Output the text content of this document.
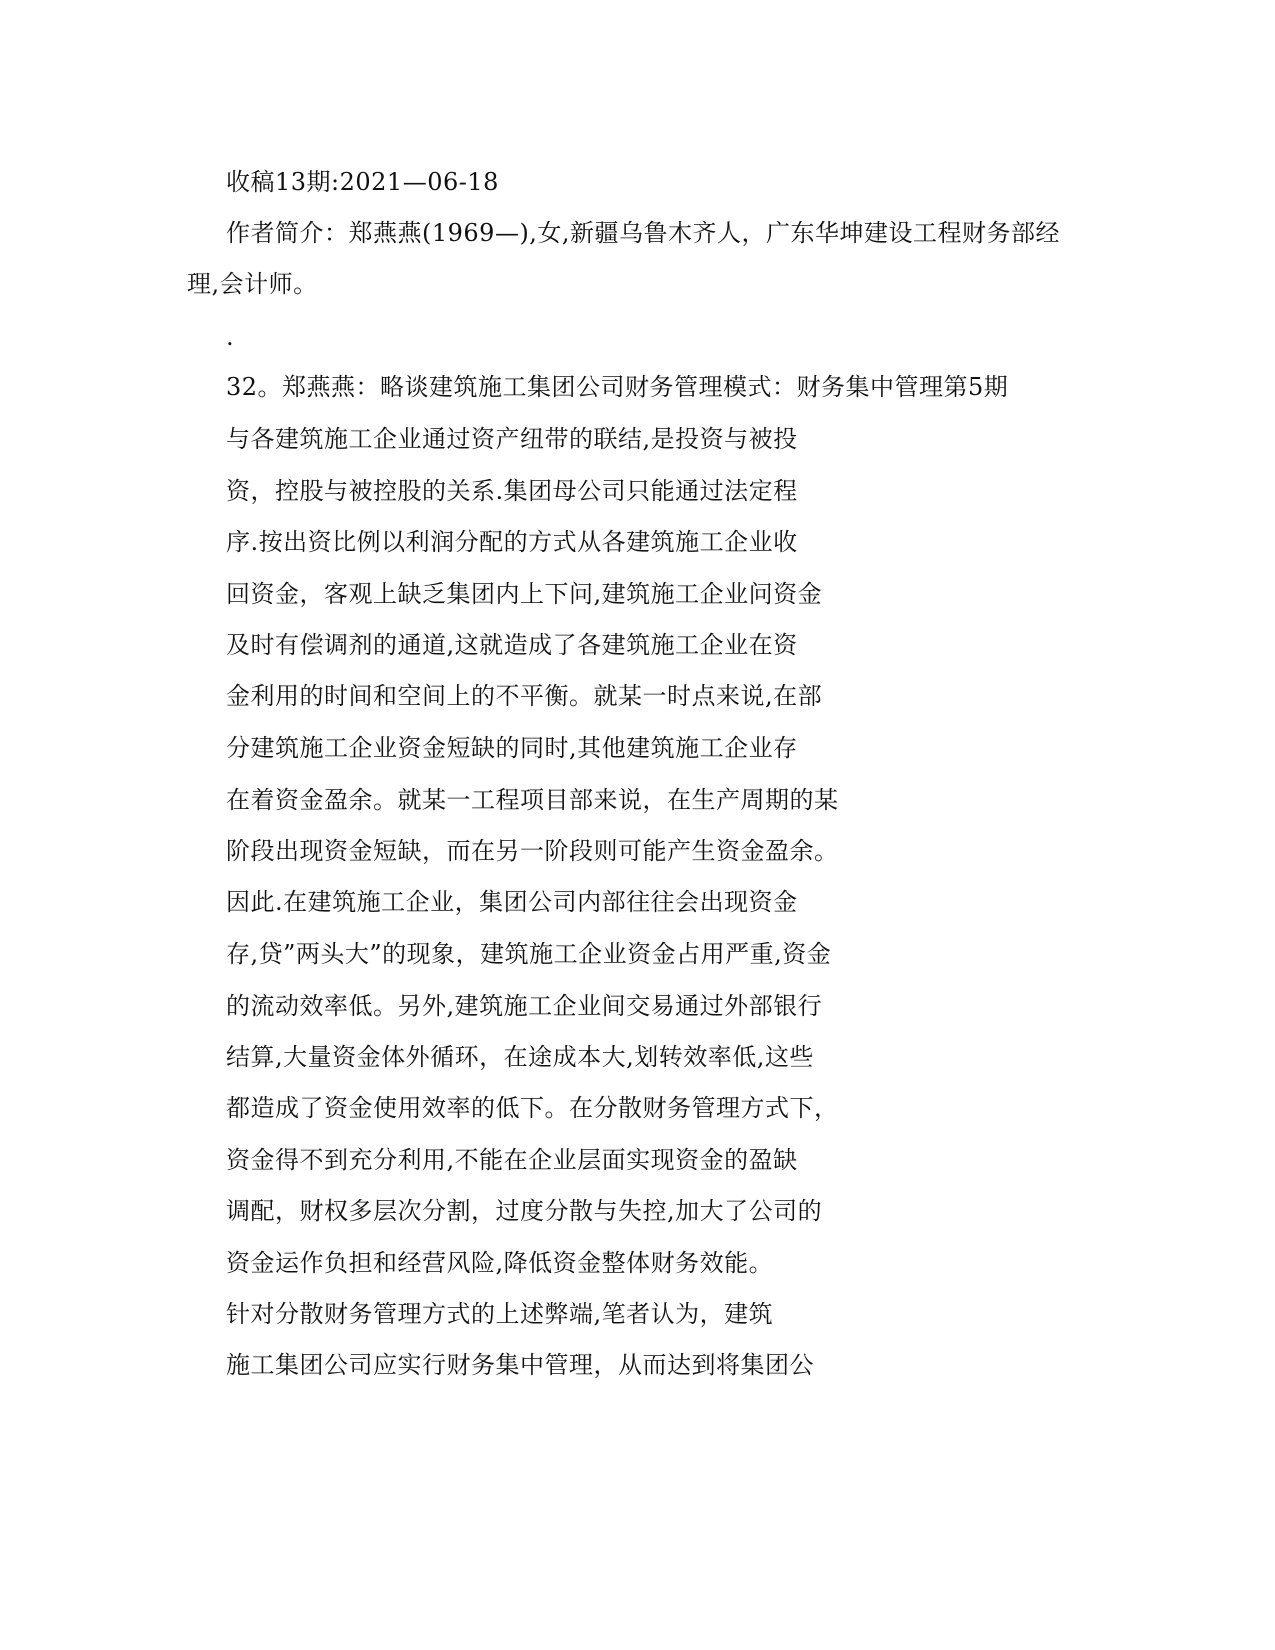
收稿13期:2021—06-18
作者简介：郑燕燕(1969—),女,新疆乌鲁木齐人，广东华坤建设工程财务部经
理,会计师。
.
32。郑燕燕：略谈建筑施工集团公司财务管理模式：财务集中管理第5期
与各建筑施工企业通过资产纽带的联结,是投资与被投
资，控股与被控股的关系.集团母公司只能通过法定程
序.按出资比例以利润分配的方式从各建筑施工企业收
回资金，客观上缺乏集团内上下问,建筑施工企业问资金
及时有偿调剂的通道,这就造成了各建筑施工企业在资
金利用的时间和空间上的不平衡。就某一时点来说,在部
分建筑施工企业资金短缺的同时,其他建筑施工企业存
在着资金盈余。就某一工程项目部来说，在生产周期的某
阶段出现资金短缺，而在另一阶段则可能产生资金盈余。
因此.在建筑施工企业，集团公司内部往往会出现资金
存,贷”两头大”的现象，建筑施工企业资金占用严重,资金
的流动效率低。另外,建筑施工企业间交易通过外部银行
结算,大量资金体外循环，在途成本大,划转效率低,这些
都造成了资金使用效率的低下。在分散财务管理方式下，
资金得不到充分利用,不能在企业层面实现资金的盈缺
调配，财权多层次分割，过度分散与失控,加大了公司的
资金运作负担和经营风险,降低资金整体财务效能。
针对分散财务管理方式的上述弊端,笔者认为，建筑
施工集团公司应实行财务集中管理，从而达到将集团公
